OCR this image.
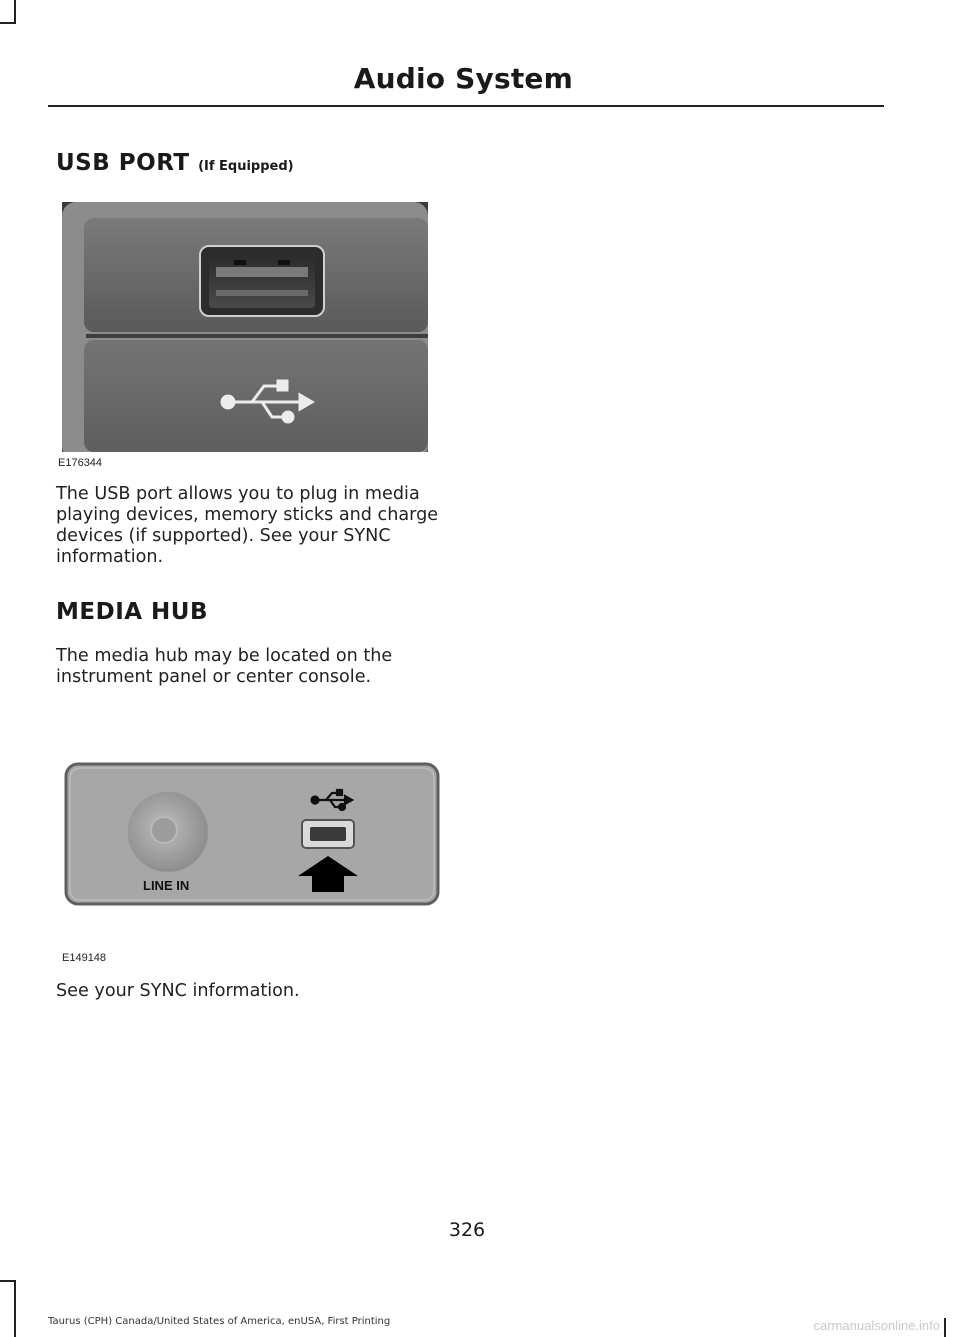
Audio System
USB PORT (If Equipped)
E176344
The USB port allows you to plug in media playing devices, memory sticks and charge devices (if supported). See your SYNC information.
MEDIA HUB
The media hub may be located on the instrument panel or center console.
LINE IN
E149148
See your SYNC information.
326
Taurus (CPH) Canada/United States of America, enUSA, First Printing	carmanualsonline.info
